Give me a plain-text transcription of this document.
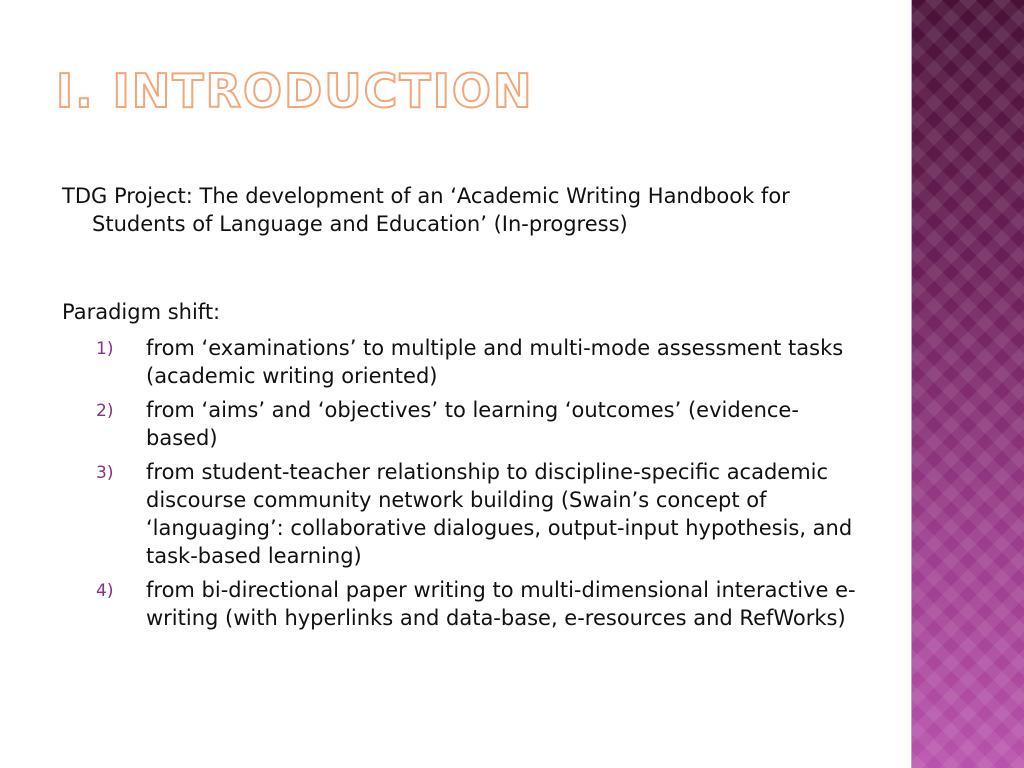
I. INTRODUCTION

TDG Project: The development of an ‘Academic Writing Handbook for Students of Language and Education’ (In-progress)

Paradigm shift:

1) from ‘examinations’ to multiple and multi-mode assessment tasks (academic writing oriented)
2) from ‘aims’ and ‘objectives’ to learning ‘outcomes’ (evidence-based)
3) from student-teacher relationship to discipline-specific academic discourse community network building (Swain’s concept of ‘languaging’: collaborative dialogues, output-input hypothesis, and task-based learning)
4) from bi-directional paper writing to multi-dimensional interactive e-writing (with hyperlinks and data-base, e-resources and RefWorks)
